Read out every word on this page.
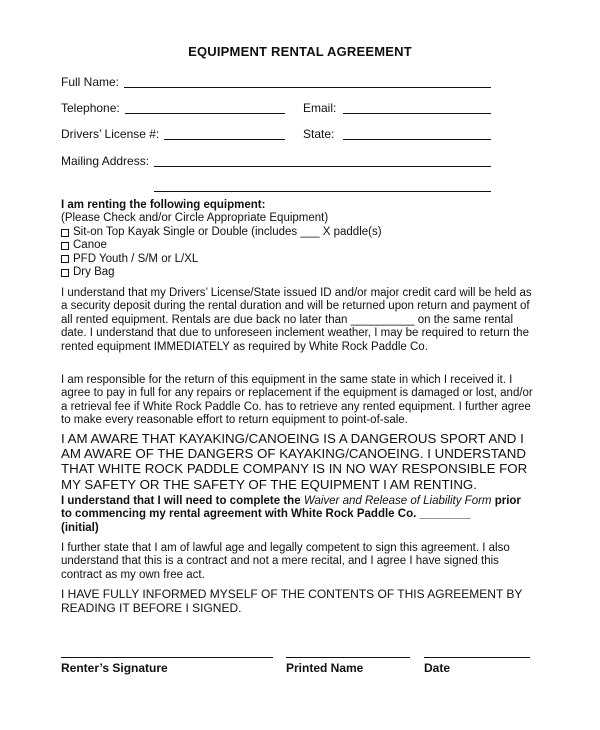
EQUIPMENT RENTAL AGREEMENT
Full Name:
Telephone:	Email:
Drivers’ License #:	State:
Mailing Address:

I am renting the following equipment:

(Please Check and/or Circle Appropriate Equipment)

Sit-on Top Kayak Single or Double (includes ___ X paddle(s)
Canoe
PFD Youth / S/M or L/XL
Dry Bag

I understand that my Drivers’ License/State issued ID and/or major credit card will be held as a security deposit during the rental duration and will be returned upon return and payment of all rented equipment. Rentals are due back no later than __________ on the same rental date. I understand that due to unforeseen inclement weather, I may be required to return the rented equipment IMMEDIATELY as required by White Rock Paddle Co.

I am responsible for the return of this equipment in the same state in which I received it. I agree to pay in full for any repairs or replacement if the equipment is damaged or lost, and/or a retrieval fee if White Rock Paddle Co. has to retrieve any rented equipment. I further agree to make every reasonable effort to return equipment to point-of-sale.

I AM AWARE THAT KAYAKING/CANOEING IS A DANGEROUS SPORT AND I AM AWARE OF THE DANGERS OF KAYAKING/CANOEING. I UNDERSTAND THAT WHITE ROCK PADDLE COMPANY IS IN NO WAY RESPONSIBLE FOR MY SAFETY OR THE SAFETY OF THE EQUIPMENT I AM RENTING.

I understand that I will need to complete the Waiver and Release of Liability Form prior to commencing my rental agreement with White Rock Paddle Co. ________

(initial)

I further state that I am of lawful age and legally competent to sign this agreement. I also understand that this is a contract and not a mere recital, and I agree I have signed this contract as my own free act.

I HAVE FULLY INFORMED MYSELF OF THE CONTENTS OF THIS AGREEMENT BY READING IT BEFORE I SIGNED.

Renter’s Signature	Printed Name	Date
